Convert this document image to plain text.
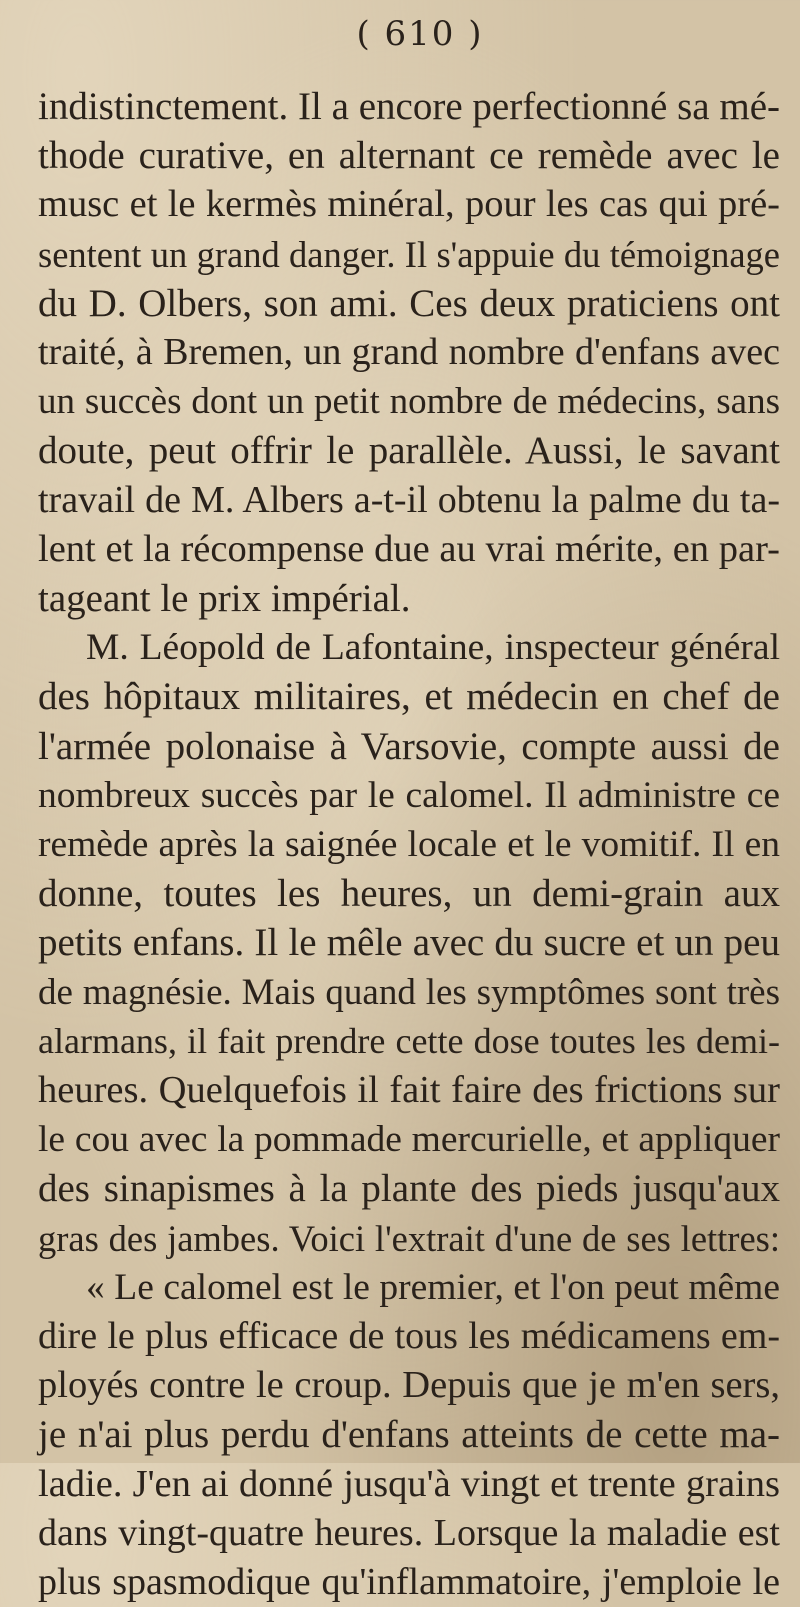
( 610 )
indistinctement. Il a encore perfectionné sa mé-
thode curative, en alternant ce remède avec le
musc et le kermès minéral, pour les cas qui pré-
sentent un grand danger. Il s'appuie du témoignage
du D. Olbers, son ami. Ces deux praticiens ont
traité, à Bremen, un grand nombre d'enfans avec
un succès dont un petit nombre de médecins, sans
doute, peut offrir le parallèle. Aussi, le savant
travail de M. Albers a-t-il obtenu la palme du ta-
lent et la récompense due au vrai mérite, en par-
tageant le prix impérial.
M. Léopold de Lafontaine, inspecteur général
des hôpitaux militaires, et médecin en chef de
l'armée polonaise à Varsovie, compte aussi de
nombreux succès par le calomel. Il administre ce
remède après la saignée locale et le vomitif. Il en
donne, toutes les heures, un demi-grain aux
petits enfans. Il le mêle avec du sucre et un peu
de magnésie. Mais quand les symptômes sont très
alarmans, il fait prendre cette dose toutes les demi-
heures. Quelquefois il fait faire des frictions sur
le cou avec la pommade mercurielle, et appliquer
des sinapismes à la plante des pieds jusqu'aux
gras des jambes. Voici l'extrait d'une de ses lettres:
« Le calomel est le premier, et l'on peut même
dire le plus efficace de tous les médicamens em-
ployés contre le croup. Depuis que je m'en sers,
je n'ai plus perdu d'enfans atteints de cette ma-
ladie. J'en ai donné jusqu'à vingt et trente grains
dans vingt-quatre heures. Lorsque la maladie est
plus spasmodique qu'inflammatoire, j'emploie le
